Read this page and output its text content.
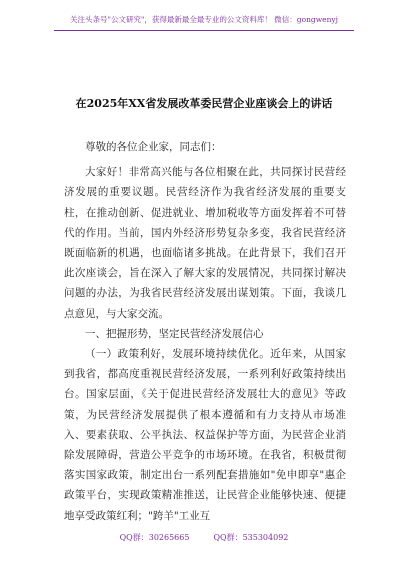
关注头条号"公文研究"，获得最新最全最专业的公文资料库！ 微信：gongwenyj
在2025年XX省发展改革委民营企业座谈会上的讲话

尊敬的各位企业家，同志们：

大家好！非常高兴能与各位相聚在此，共同探讨民营经济发展的重要议题。民营经济作为我省经济发展的重要支柱，在推动创新、促进就业、增加税收等方面发挥着不可替代的作用。当前，国内外经济形势复杂多变，我省民营经济既面临新的机遇，也面临诸多挑战。在此背景下，我们召开此次座谈会，旨在深入了解大家的发展情况，共同探讨解决问题的办法，为我省民营经济发展出谋划策。下面，我谈几点意见，与大家交流。

一、把握形势，坚定民营经济发展信心

（一）政策利好，发展环境持续优化。近年来，从国家到我省，都高度重视民营经济发展，一系列利好政策持续出台。国家层面，《关于促进民营经济发展壮大的意见》等政策，为民营经济发展提供了根本遵循和有力支持从市场准入、要素获取、公平执法、权益保护等方面，为民营企业消除发展障碍，营造公平竞争的市场环境。在我省，积极贯彻落实国家政策，制定出台一系列配套措施如"免申即享"惠企政策平台，实现政策精准推送，让民营企业能够快速、便捷地享受政策红利；"跨羊"工业互

QQ群：30265665	QQ群：535304092
